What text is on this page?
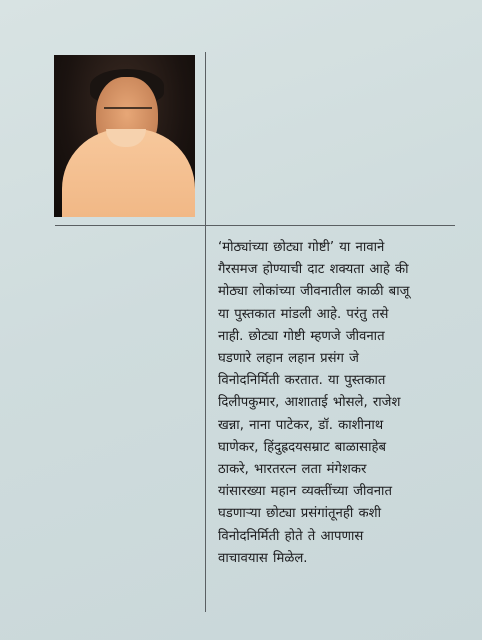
‘मोठ्यांच्या छोट्या गोष्टी’ या नावाने
गैरसमज होण्याची दाट शक्यता आहे की
मोठ्या लोकांच्या जीवनातील काळी बाजू
या पुस्तकात मांडली आहे. परंतु तसे
नाही. छोट्या गोष्टी म्हणजे जीवनात
घडणारे लहान लहान प्रसंग जे
विनोदनिर्मिती करतात. या पुस्तकात
दिलीपकुमार, आशाताई भोसले, राजेश
खन्ना, नाना पाटेकर, डॉ. काशीनाथ
घाणेकर, हिंदुह्रदयसम्राट बाळासाहेब
ठाकरे, भारतरत्न लता मंगेशकर
यांसारख्या महान व्यक्तींच्या जीवनात
घडणाऱ्या छोट्या प्रसंगांतूनही कशी
विनोदनिर्मिती होते ते आपणास
वाचावयास मिळेल.
